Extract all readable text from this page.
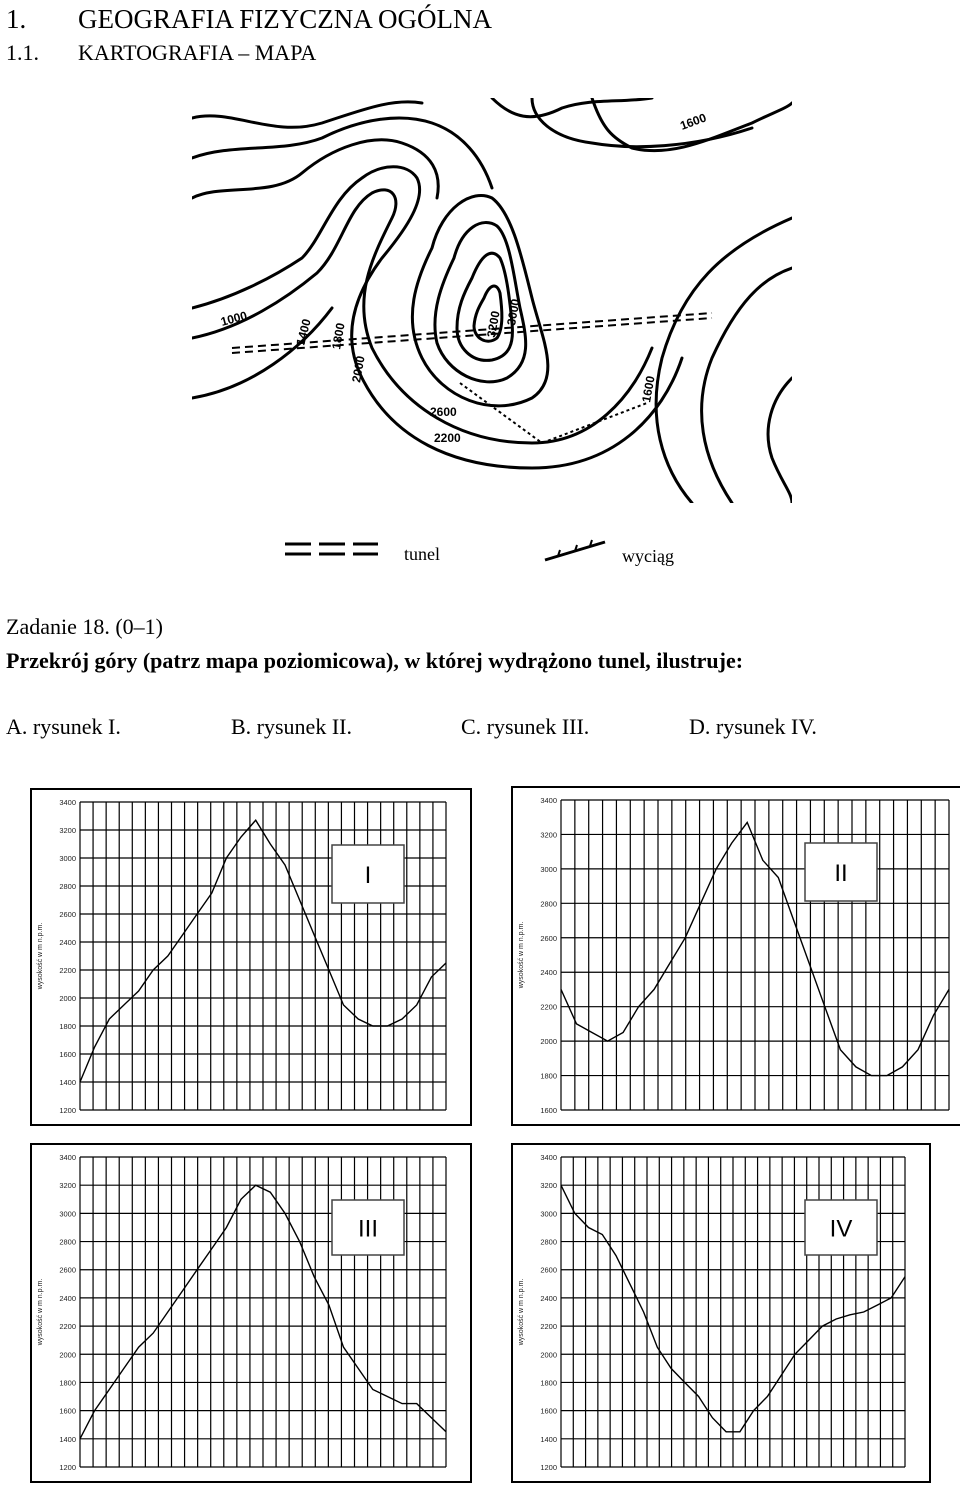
1. GEOGRAFIA FIZYCZNA OGÓLNA
1.1. KARTOGRAFIA – MAPA
1600
1000	1400 1800
2000
3200 3000
2600
2200
1600
tunel	wyciąg
Zadanie 18. (0–1)
Przekrój góry (patrz mapa poziomicowa), w której wydrążono tunel, ilustruje:
A. rysunek I.	B. rysunek II.	C. rysunek III.	D. rysunek IV.
3400
3200
3000
2800
2600
2400
2200
2000
1800
1600
1400
1200
wysokość w m n.p.m.
I
3400
3200
3000
2800
2600
2400
2200
2000
1800
1600
wysokość w m n.p.m.
II
3400
3200
3000
2800
2600
2400
2200
2000
1800
1600
1400
1200
wysokość w m n.p.m.
III
3400
3200
3000
2800
2600
2400
2200
2000
1800
1600
1400
1200
wysokość w m n.p.m.
IV
